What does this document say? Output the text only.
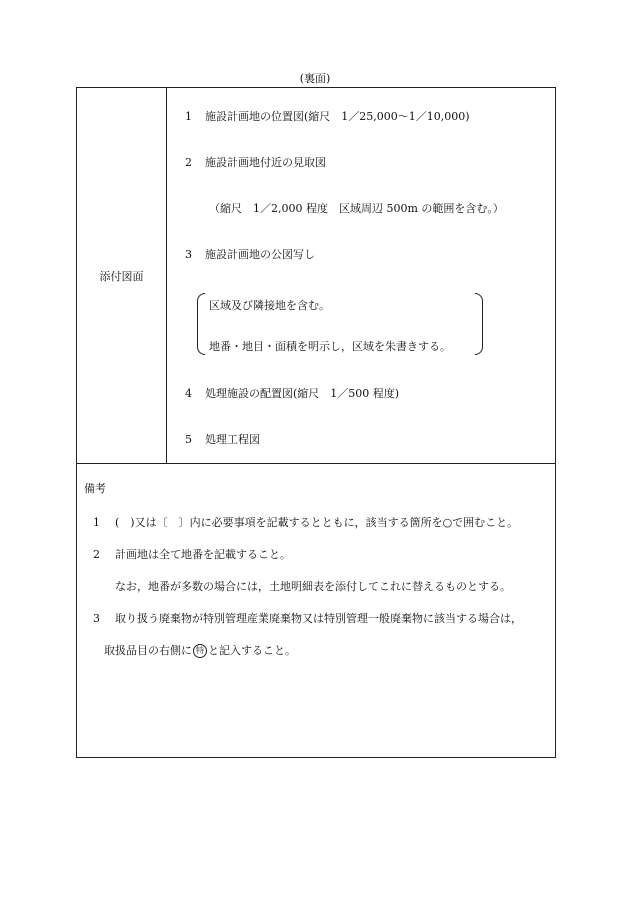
(裏面)
添付図面
1 施設計画地の位置図(縮尺　1／25,000～1／10,000)
2 施設計画地付近の見取図
（縮尺　1／2,000 程度　区域周辺 500m の範囲を含む。）
3 施設計画地の公図写し
区域及び隣接地を含む。
地番・地目・面積を明示し，区域を朱書きする。
4 処理施設の配置図(縮尺　1／500 程度)
5 処理工程図
備考
1 (　)又は〔　〕内に必要事項を記載するとともに，該当する箇所を○で囲むこと。
2 計画地は全て地番を記載すること。
なお，地番が多数の場合には，土地明細表を添付してこれに替えるものとする。
3 取り扱う廃棄物が特別管理産業廃棄物又は特別管理一般廃棄物に該当する場合は，
取扱品目の右側に 特 と記入すること。
